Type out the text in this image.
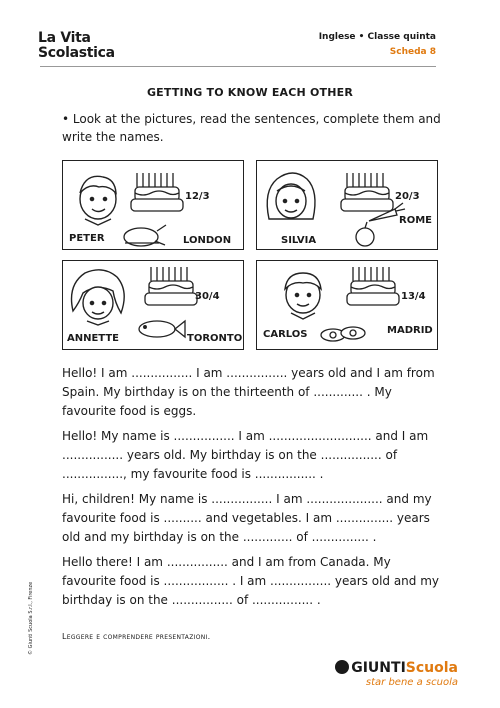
La Vita
Scolastica
Inglese • Classe quinta
Scheda 8
GETTING TO KNOW EACH OTHER
• Look at the pictures, read the sentences, complete them and write the names.
12/3
PETER	LONDON
20/3
ROME
SILVIA
30/4
ANNETTE	TORONTO
13/4
CARLOS	MADRID
Hello! I am ................ I am ................ years old and I am from Spain. My birthday is on the thirteenth of ............. . My favourite food is eggs.
Hello! My name is ................ I am ........................... and I am ................ years old. My birthday is on the ................ of ................, my favourite food is ................ .
Hi, children! My name is ................ I am .................... and my favourite food is .......... and vegetables. I am ............... years old and my birthday is on the ............. of ............... .
Hello there! I am ................ and I am from Canada. My favourite food is ................. . I am ................ years old and my birthday is on the ................ of ................ .
© Giunti Scuola S.r.l., Firenze	Leggere e comprendere presentazioni.
GIUNTIScuola
star bene a scuola
